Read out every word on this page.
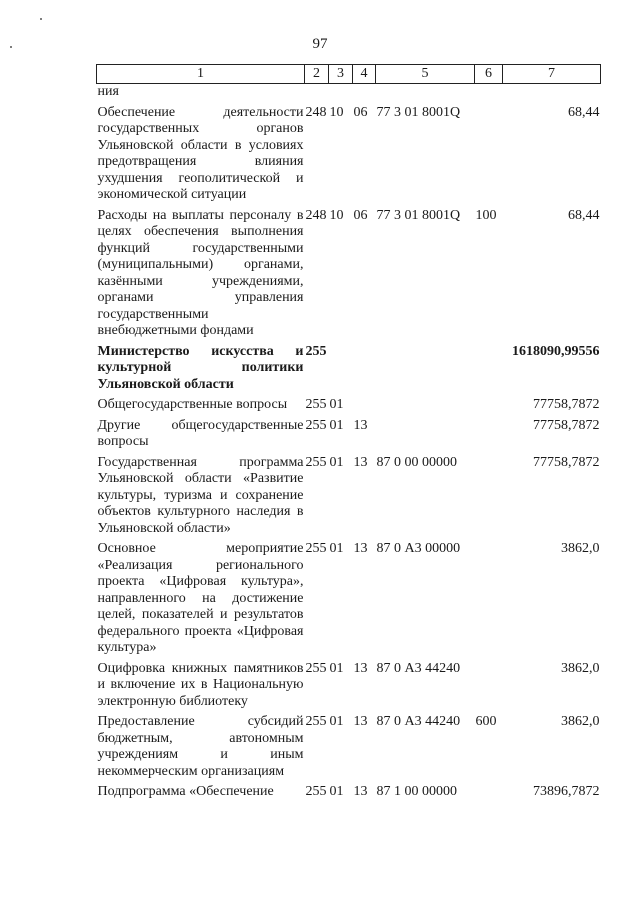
97
1	2	3	4	5	6	7
ния						

Обеспечение деятельности государственных органов Ульяновской области в условиях предотвращения влияния ухудшения геополитической и экономической ситуации	248	10	06	77 3 01 8001Q		68,44

Расходы на выплаты персоналу в целях обеспечения выполнения функций государственными (муниципальными) органами, казёнными учреждениями, органами управления государственными внебюджетными фондами	248	10	06	77 3 01 8001Q	100	68,44

Министерство искусства и культурной политики Ульяновской области	255					1618090,99556

Общегосударственные вопросы	255	01				77758,7872

Другие общегосударственные вопросы	255	01	13			77758,7872

Государственная программа Ульяновской области «Развитие культуры, туризма и сохранение объектов культурного наследия в Ульяновской области»	255	01	13	87 0 00 00000		77758,7872

Основное мероприятие «Реализация регионального проекта «Цифровая культура», направленного на достижение целей, показателей и результатов федерального проекта «Цифровая культура»	255	01	13	87 0 А3 00000		3862,0

Оцифровка книжных памятников и включение их в Национальную электронную библиотеку	255	01	13	87 0 А3 44240		3862,0

Предоставление субсидий бюджетным, автономным учреждениям и иным некоммерческим организациям	255	01	13	87 0 А3 44240	600	3862,0

Подпрограмма «Обеспечение	255	01	13	87 1 00 00000		73896,7872
